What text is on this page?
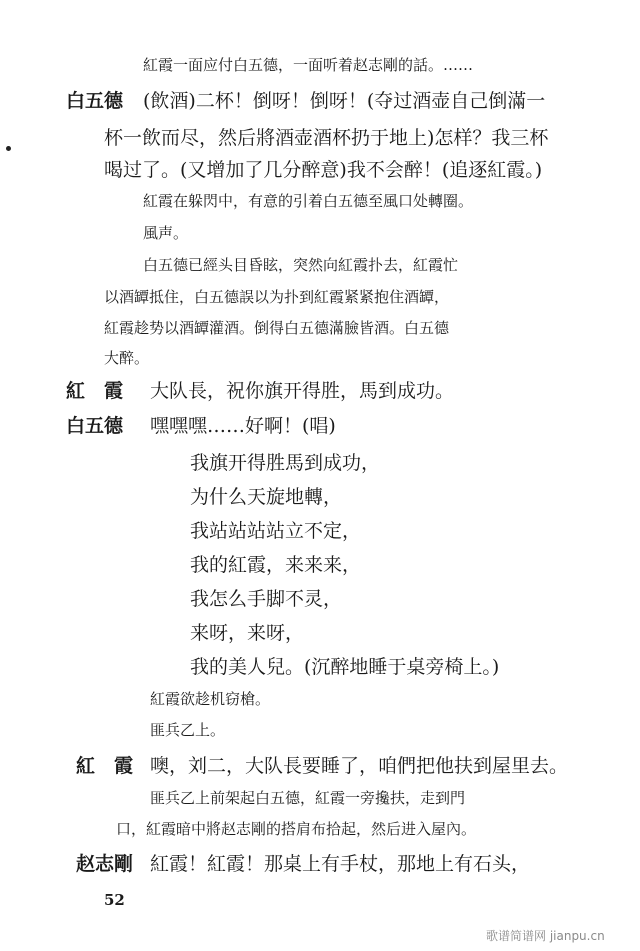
紅霞一面应付白五德，一面听着赵志剛的話。……
白五德 (飲酒)二杯！倒呀！倒呀！(夺过酒壶自己倒滿一
杯一飲而尽，然后將酒壶酒杯扔于地上)怎样？我三杯
喝过了。(又增加了几分醉意)我不会醉！(追逐紅霞。)
紅霞在躲閃中，有意的引着白五德至風口处轉圈。
風声。
白五德已經头目昏眩，突然向紅霞扑去，紅霞忙
以酒罈抵住，白五德誤以为扑到紅霞紧紧抱住酒罈，
紅霞趁势以酒罈灌酒。倒得白五德滿臉皆酒。白五德
大醉。
紅　霞 大队長，祝你旗开得胜，馬到成功。
白五德 嘿嘿嘿……好啊！(唱)
我旗开得胜馬到成功，
为什么天旋地轉，
我站站站站立不定，
我的紅霞，来来来，
我怎么手脚不灵，
来呀，来呀，
我的美人兒。(沉醉地睡于桌旁椅上。)
紅霞欲趁机窃槍。
匪兵乙上。
紅　霞 噢，刘二，大队長要睡了，咱們把他扶到屋里去。
匪兵乙上前架起白五德，紅霞一旁攙扶，走到門
口，紅霞暗中將赵志剛的搭肩布拾起，然后进入屋內。
赵志剛 紅霞！紅霞！那桌上有手杖，那地上有石头，
52
歌谱简谱网 jianpu.cn
